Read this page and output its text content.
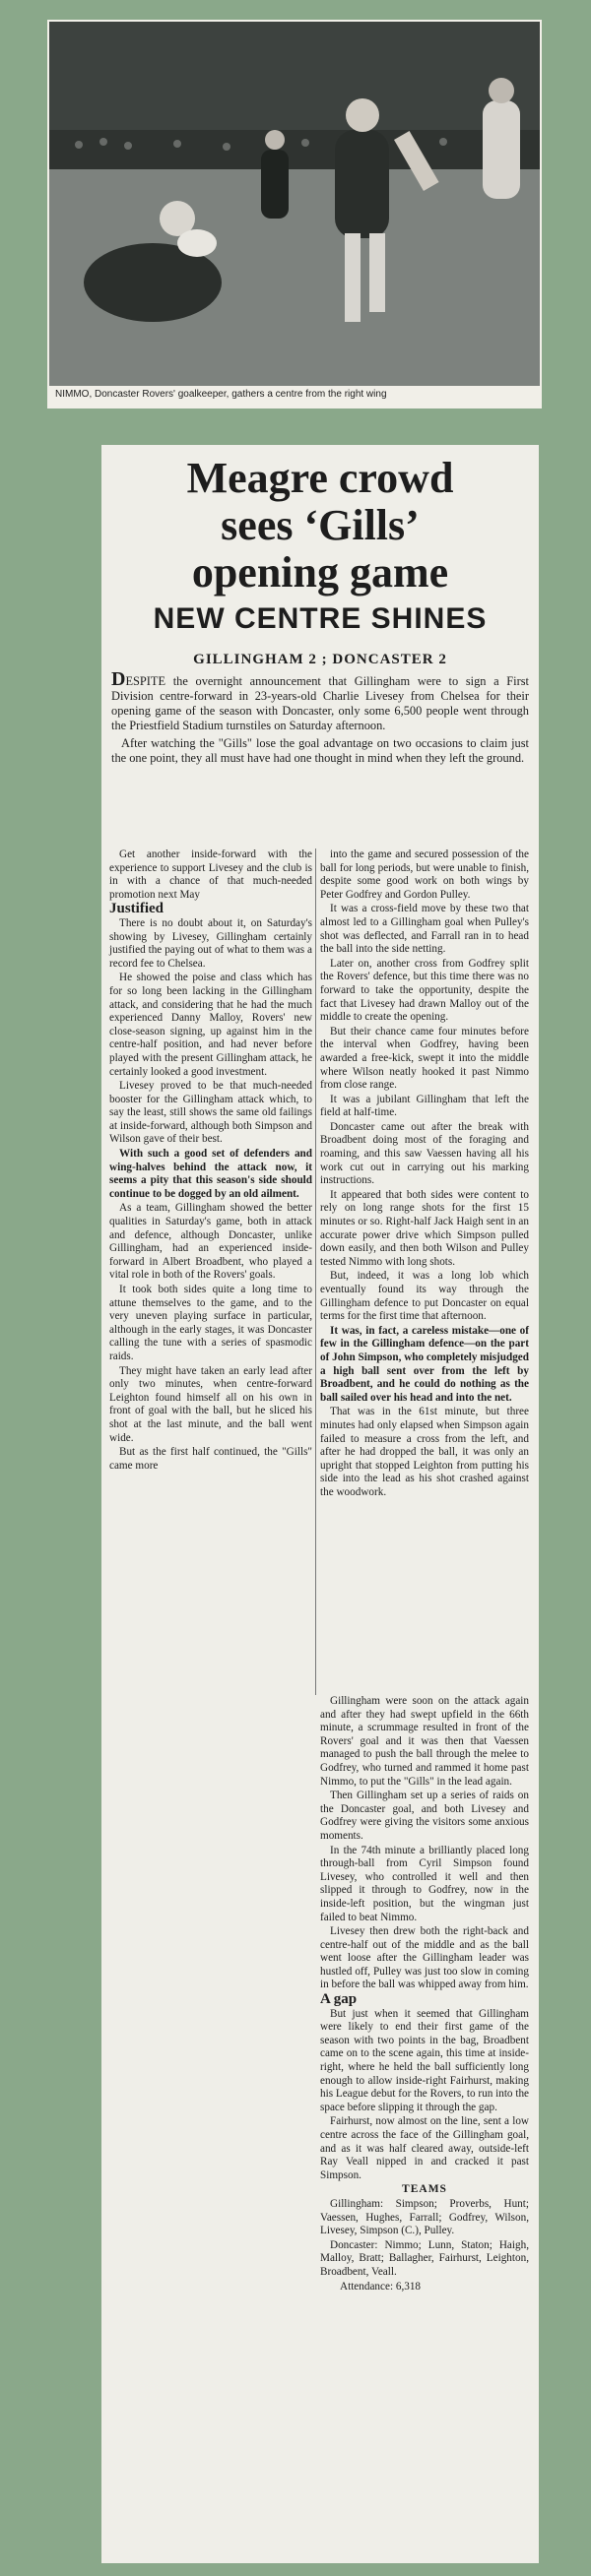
NIMMO, Doncaster Rovers' goalkeeper, gathers a centre from the right wing
Meagre crowd
sees ‘Gills’
opening game
NEW CENTRE SHINES
GILLINGHAM 2 ; DONCASTER 2

DESPITE the overnight announcement that Gillingham were to sign a First Division centre-forward in 23-years-old Charlie Livesey from Chelsea for their opening game of the season with Doncaster, only some 6,500 people went through the Priestfield Stadium turnstiles on Saturday afternoon.

After watching the "Gills" lose the goal advantage on two occasions to claim just the one point, they all must have had one thought in mind when they left the ground.

Get another inside-forward with the experience to support Livesey and the club is in with a chance of that much-needed promotion next May

Justified

There is no doubt about it, on Saturday's showing by Livesey, Gillingham certainly justified the paying out of what to them was a record fee to Chelsea.

He showed the poise and class which has for so long been lacking in the Gillingham attack, and considering that he had the much experienced Danny Malloy, Rovers' new close-season signing, up against him in the centre-half position, and had never before played with the present Gillingham attack, he certainly looked a good investment.

Livesey proved to be that much-needed booster for the Gillingham attack which, to say the least, still shows the same old failings at inside-forward, although both Simpson and Wilson gave of their best.

With such a good set of defenders and wing-halves behind the attack now, it seems a pity that this season's side should continue to be dogged by an old ailment.

As a team, Gillingham showed the better qualities in Saturday's game, both in attack and defence, although Doncaster, unlike Gillingham, had an experienced inside-forward in Albert Broadbent, who played a vital role in both of the Rovers' goals.

It took both sides quite a long time to attune themselves to the game, and to the very uneven playing surface in particular, although in the early stages, it was Doncaster calling the tune with a series of spasmodic raids.

They might have taken an early lead after only two minutes, when centre-forward Leighton found himself all on his own in front of goal with the ball, but he sliced his shot at the last minute, and the ball went wide.

But as the first half continued, the "Gills" came more

into the game and secured possession of the ball for long periods, but were unable to finish, despite some good work on both wings by Peter Godfrey and Gordon Pulley.

It was a cross-field move by these two that almost led to a Gillingham goal when Pulley's shot was deflected, and Farrall ran in to head the ball into the side netting.

Later on, another cross from Godfrey split the Rovers' defence, but this time there was no forward to take the opportunity, despite the fact that Livesey had drawn Malloy out of the middle to create the opening.

But their chance came four minutes before the interval when Godfrey, having been awarded a free-kick, swept it into the middle where Wilson neatly hooked it past Nimmo from close range.

It was a jubilant Gillingham that left the field at half-time.

Doncaster came out after the break with Broadbent doing most of the foraging and roaming, and this saw Vaessen having all his work cut out in carrying out his marking instructions.

It appeared that both sides were content to rely on long range shots for the first 15 minutes or so. Right-half Jack Haigh sent in an accurate power drive which Simpson pulled down easily, and then both Wilson and Pulley tested Nimmo with long shots.

But, indeed, it was a long lob which eventually found its way through the Gillingham defence to put Doncaster on equal terms for the first time that afternoon.

It was, in fact, a careless mistake—one of few in the Gillingham defence—on the part of John Simpson, who completely misjudged a high ball sent over from the left by Broadbent, and he could do nothing as the ball sailed over his head and into the net.

That was in the 61st minute, but three minutes had only elapsed when Simpson again failed to measure a cross from the left, and after he had dropped the ball, it was only an upright that stopped Leighton from putting his side into the lead as his shot crashed against the woodwork.

Gillingham were soon on the attack again and after they had swept upfield in the 66th minute, a scrummage resulted in front of the Rovers' goal and it was then that Vaessen managed to push the ball through the melee to Godfrey, who turned and rammed it home past Nimmo, to put the "Gills" in the lead again.

Then Gillingham set up a series of raids on the Doncaster goal, and both Livesey and Godfrey were giving the visitors some anxious moments.

In the 74th minute a brilliantly placed long through-ball from Cyril Simpson found Livesey, who controlled it well and then slipped it through to Godfrey, now in the inside-left position, but the wingman just failed to beat Nimmo.

Livesey then drew both the right-back and centre-half out of the middle and as the ball went loose after the Gillingham leader was hustled off, Pulley was just too slow in coming in before the ball was whipped away from him.

A gap

But just when it seemed that Gillingham were likely to end their first game of the season with two points in the bag, Broadbent came on to the scene again, this time at inside-right, where he held the ball sufficiently long enough to allow inside-right Fairhurst, making his League debut for the Rovers, to run into the space before slipping it through the gap.

Fairhurst, now almost on the line, sent a low centre across the face of the Gillingham goal, and as it was half cleared away, outside-left Ray Veall nipped in and cracked it past Simpson.

TEAMS

Gillingham: Simpson; Proverbs, Hunt; Vaessen, Hughes, Farrall; Godfrey, Wilson, Livesey, Simpson (C.), Pulley.

Doncaster: Nimmo; Lunn, Staton; Haigh, Malloy, Bratt; Ballagher, Fairhurst, Leighton, Broadbent, Veall.

Attendance: 6,318
